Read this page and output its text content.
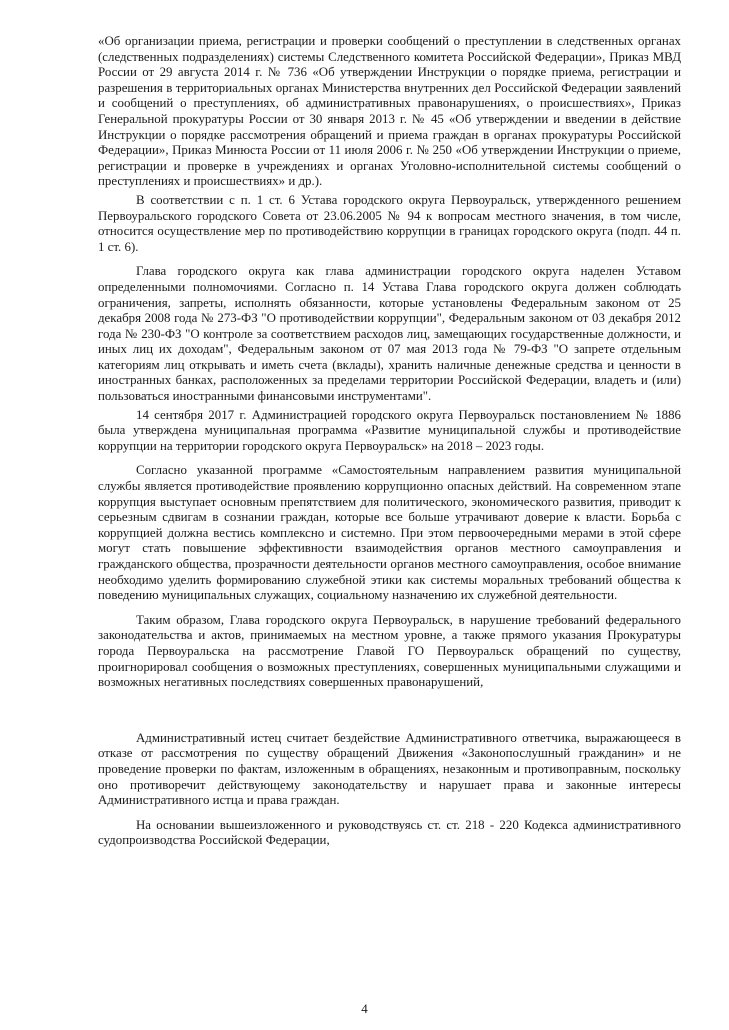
«Об организации приема, регистрации и проверки сообщений о преступлении в следственных органах (следственных подразделениях) системы Следственного комитета Российской Федерации», Приказ МВД России от 29 августа 2014 г. № 736 «Об утверждении Инструкции о порядке приема, регистрации и разрешения в территориальных органах Министерства внутренних дел Российской Федерации заявлений и сообщений о преступлениях, об административных правонарушениях, о происшествиях», Приказ Генеральной прокуратуры России от 30 января 2013 г. № 45 «Об утверждении и введении в действие Инструкции о порядке рассмотрения обращений и приема граждан в органах прокуратуры Российской Федерации», Приказ Минюста России от 11 июля 2006 г. № 250 «Об утверждении Инструкции о приеме, регистрации и проверке в учреждениях и органах Уголовно-исполнительной системы сообщений о преступлениях и происшествиях» и др.).

В соответствии с п. 1 ст. 6 Устава городского округа Первоуральск, утвержденного решением Первоуральского городского Совета от 23.06.2005 № 94 к вопросам местного значения, в том числе, относится осуществление мер по противодействию коррупции в границах городского округа (подп. 44 п. 1 ст. 6).

Глава городского округа как глава администрации городского округа наделен Уставом определенными полномочиями. Согласно п. 14 Устава Глава городского округа должен соблюдать ограничения, запреты, исполнять обязанности, которые установлены Федеральным законом от 25 декабря 2008 года № 273-ФЗ "О противодействии коррупции", Федеральным законом от 03 декабря 2012 года № 230-ФЗ "О контроле за соответствием расходов лиц, замещающих государственные должности, и иных лиц их доходам", Федеральным законом от 07 мая 2013 года № 79-ФЗ "О запрете отдельным категориям лиц открывать и иметь счета (вклады), хранить наличные денежные средства и ценности в иностранных банках, расположенных за пределами территории Российской Федерации, владеть и (или) пользоваться иностранными финансовыми инструментами".

14 сентября 2017 г. Администрацией городского округа Первоуральск постановлением № 1886 была утверждена муниципальная программа «Развитие муниципальной службы и противодействие коррупции на территории городского округа Первоуральск» на 2018 – 2023 годы.

Согласно указанной программе «Самостоятельным направлением развития муниципальной службы является противодействие проявлению коррупционно опасных действий. На современном этапе коррупция выступает основным препятствием для политического, экономического развития, приводит к серьезным сдвигам в сознании граждан, которые все больше утрачивают доверие к власти. Борьба с коррупцией должна вестись комплексно и системно. При этом первоочередными мерами в этой сфере могут стать повышение эффективности взаимодействия органов местного самоуправления и гражданского общества, прозрачности деятельности органов местного самоуправления, особое внимание необходимо уделить формированию служебной этики как системы моральных требований общества к поведению муниципальных служащих, социальному назначению их служебной деятельности.

Таким образом, Глава городского округа Первоуральск, в нарушение требований федерального законодательства и актов, принимаемых на местном уровне, а также прямого указания Прокуратуры города Первоуральска на рассмотрение Главой ГО Первоуральск обращений по существу, проигнорировал сообщения о возможных преступлениях, совершенных муниципальными служащими и возможных негативных последствиях совершенных правонарушений,

Административный истец считает бездействие Административного ответчика, выражающееся в отказе от рассмотрения по существу обращений Движения «Законопослушный гражданин» и не проведение проверки по фактам, изложенным в обращениях, незаконным и противоправным, поскольку оно противоречит действующему законодательству и нарушает права и законные интересы Административного истца и права граждан.

На основании вышеизложенного и руководствуясь ст. ст. 218 - 220 Кодекса административного судопроизводства Российской Федерации,

4
